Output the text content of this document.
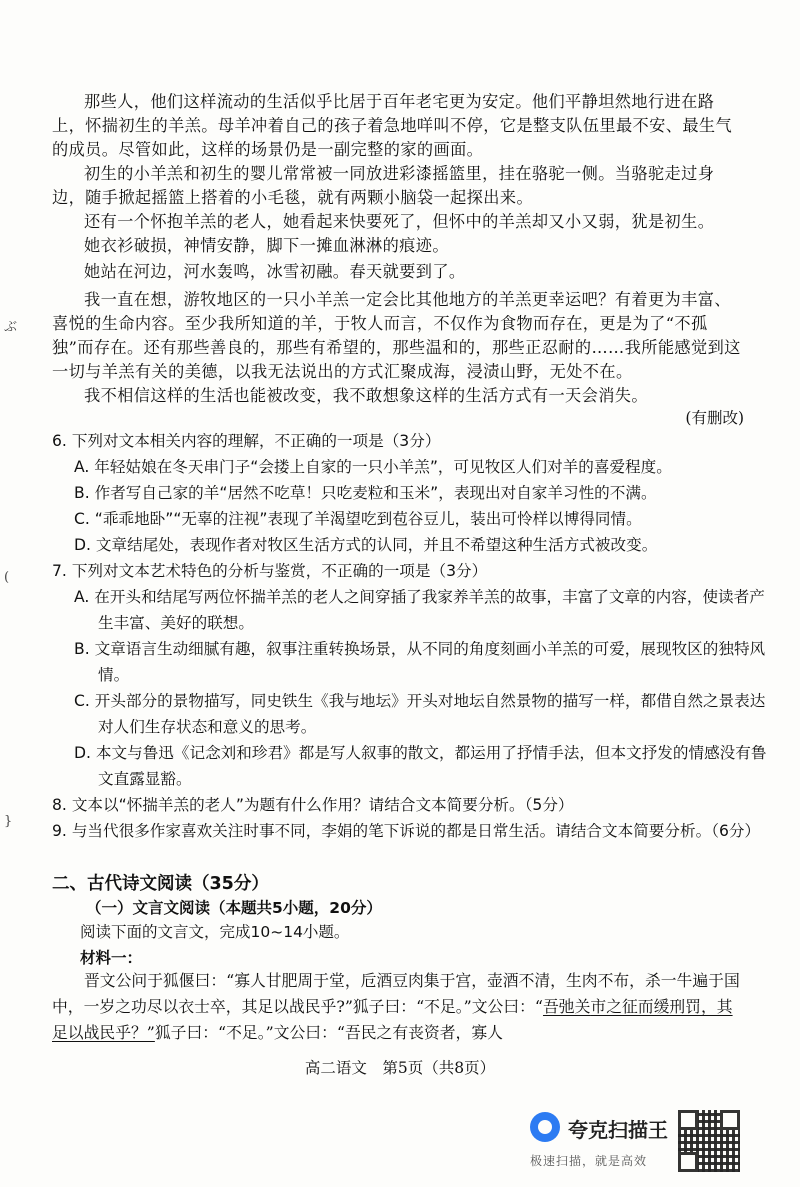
那些人，他们这样流动的生活似乎比居于百年老宅更为安定。他们平静坦然地行进在路上，怀揣初生的羊羔。母羊冲着自己的孩子着急地咩叫不停，它是整支队伍里最不安、最生气的成员。尽管如此，这样的场景仍是一副完整的家的画面。
初生的小羊羔和初生的婴儿常常被一同放进彩漆摇篮里，挂在骆驼一侧。当骆驼走过身边，随手掀起摇篮上搭着的小毛毯，就有两颗小脑袋一起探出来。
还有一个怀抱羊羔的老人，她看起来快要死了，但怀中的羊羔却又小又弱，犹是初生。
她衣衫破损，神情安静，脚下一摊血淋淋的痕迹。
她站在河边，河水轰鸣，冰雪初融。春天就要到了。
我一直在想，游牧地区的一只小羊羔一定会比其他地方的羊羔更幸运吧？有着更为丰富、喜悦的生命内容。至少我所知道的羊，于牧人而言，不仅作为食物而存在，更是为了“不孤独”而存在。还有那些善良的，那些有希望的，那些温和的，那些正忍耐的……我所能感觉到这一切与羊羔有关的美德，以我无法说出的方式汇聚成海，浸渍山野，无处不在。
我不相信这样的生活也能被改变，我不敢想象这样的生活方式有一天会消失。
(有删改)
6. 下列对文本相关内容的理解，不正确的一项是（3分）
A. 年轻姑娘在冬天串门子“会搂上自家的一只小羊羔”，可见牧区人们对羊的喜爱程度。
B. 作者写自己家的羊“居然不吃草！只吃麦粒和玉米”，表现出对自家羊习性的不满。
C. “乖乖地卧”“无辜的注视”表现了羊渴望吃到苞谷豆儿，装出可怜样以博得同情。
D. 文章结尾处，表现作者对牧区生活方式的认同，并且不希望这种生活方式被改变。
7. 下列对文本艺术特色的分析与鉴赏，不正确的一项是（3分）
A. 在开头和结尾写两位怀揣羊羔的老人之间穿插了我家养羊羔的故事，丰富了文章的内容，使读者产生丰富、美好的联想。
B. 文章语言生动细腻有趣，叙事注重转换场景，从不同的角度刻画小羊羔的可爱，展现牧区的独特风情。
C. 开头部分的景物描写，同史铁生《我与地坛》开头对地坛自然景物的描写一样，都借自然之景表达对人们生存状态和意义的思考。
D. 本文与鲁迅《记念刘和珍君》都是写人叙事的散文，都运用了抒情手法，但本文抒发的情感没有鲁文直露显豁。
8. 文本以“怀揣羊羔的老人”为题有什么作用？请结合文本简要分析。（5分）
9. 与当代很多作家喜欢关注时事不同，李娟的笔下诉说的都是日常生活。请结合文本简要分析。（6分）
二、古代诗文阅读（35分）
（一）文言文阅读（本题共5小题，20分）
阅读下面的文言文，完成10~14小题。
材料一：
晋文公问于狐偃曰：“寡人甘肥周于堂，卮酒豆肉集于宫，壶酒不清，生肉不布，杀一牛遍于国中，一岁之功尽以衣士卒，其足以战民乎?”狐子曰：“不足。”文公曰：“吾弛关市之征而缓刑罚，其足以战民乎？”狐子曰：“不足。”文公曰：“吾民之有丧资者，寡人
高二语文　第5页（共8页）
ぶ
(
}
夸克扫描王
极速扫描，就是高效
